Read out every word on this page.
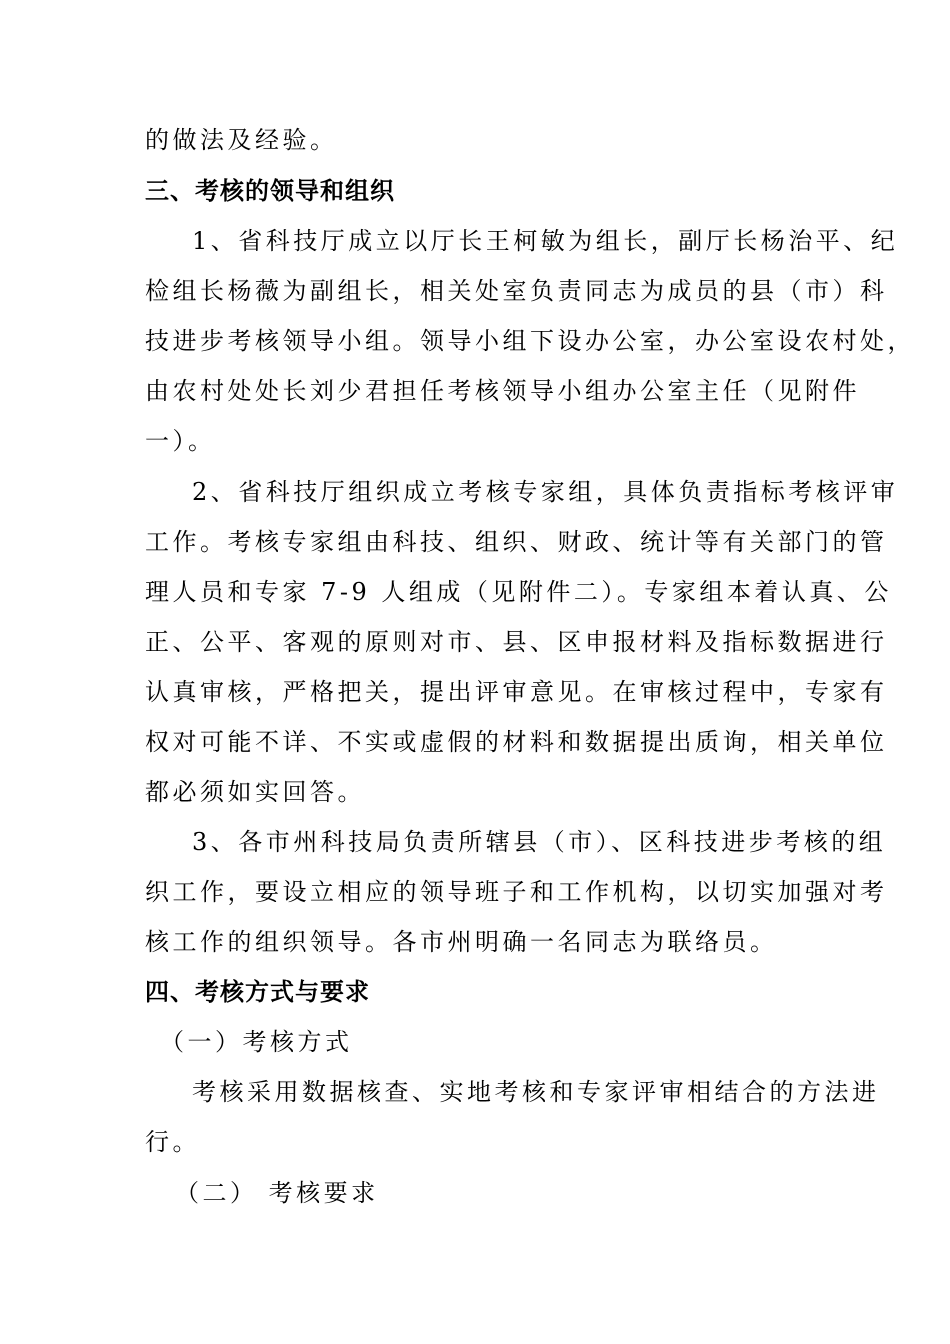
的做法及经验。
三、考核的领导和组织
1、省科技厅成立以厅长王柯敏为组长，副厅长杨治平、纪
检组长杨薇为副组长，相关处室负责同志为成员的县（市）科
技进步考核领导小组。领导小组下设办公室，办公室设农村处，
由农村处处长刘少君担任考核领导小组办公室主任（见附件
一）。
2、省科技厅组织成立考核专家组，具体负责指标考核评审
工作。考核专家组由科技、组织、财政、统计等有关部门的管
理人员和专家 7-9 人组成（见附件二）。专家组本着认真、公
正、公平、客观的原则对市、县、区申报材料及指标数据进行
认真审核，严格把关，提出评审意见。在审核过程中，专家有
权对可能不详、不实或虚假的材料和数据提出质询，相关单位
都必须如实回答。
3、各市州科技局负责所辖县（市）、区科技进步考核的组
织工作，要设立相应的领导班子和工作机构，以切实加强对考
核工作的组织领导。各市州明确一名同志为联络员。
四、考核方式与要求
（一）考核方式
考核采用数据核查、实地考核和专家评审相结合的方法进
行。
（二） 考核要求
